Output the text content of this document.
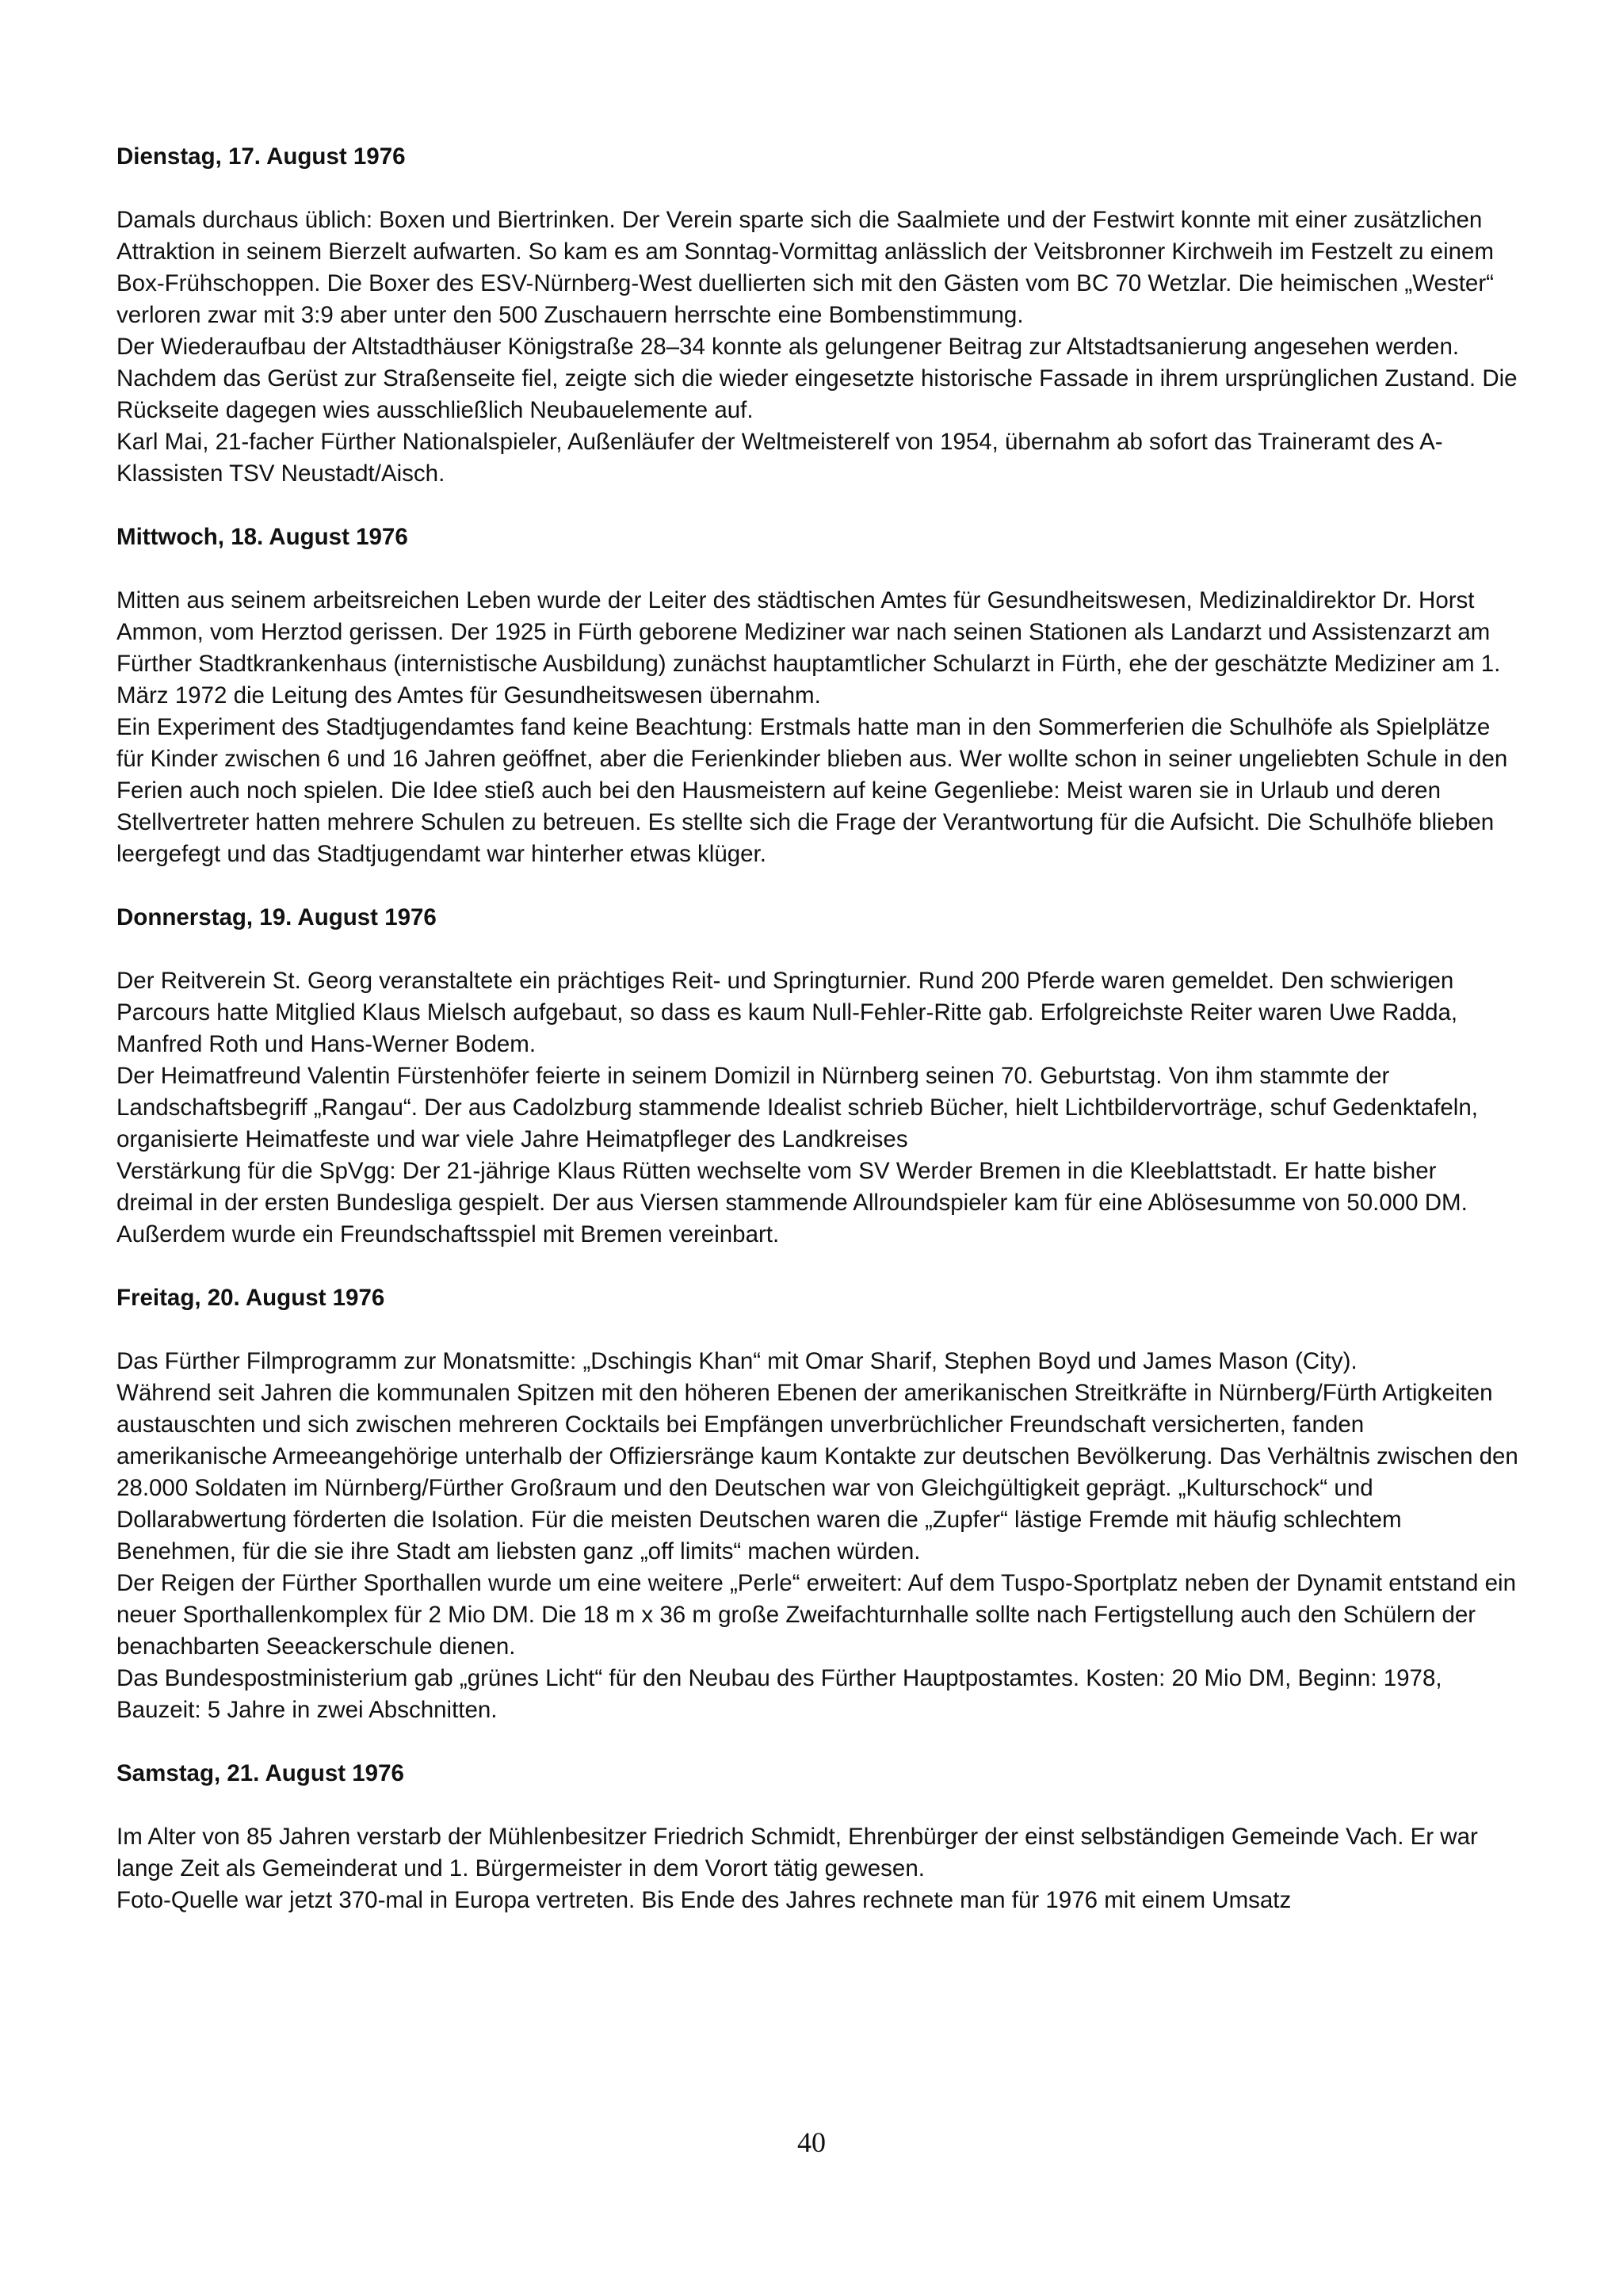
Dienstag, 17. August 1976

Damals durchaus üblich: Boxen und Biertrinken. Der Verein sparte sich die Saalmiete und der Festwirt konnte mit einer zusätzlichen Attraktion in seinem Bierzelt aufwarten. So kam es am Sonntag-Vormittag anlässlich der Veitsbronner Kirchweih im Festzelt zu einem Box-Frühschoppen. Die Boxer des ESV-Nürnberg-West duellierten sich mit den Gästen vom BC 70 Wetzlar. Die heimischen „Wester“ verloren zwar mit 3:9 aber unter den 500 Zuschauern herrschte eine Bombenstimmung.

Der Wiederaufbau der Altstadthäuser Königstraße 28–34 konnte als gelungener Beitrag zur Altstadtsanierung angesehen werden. Nachdem das Gerüst zur Straßenseite fiel, zeigte sich die wieder eingesetzte historische Fassade in ihrem ursprünglichen Zustand. Die Rückseite dagegen wies ausschließlich Neubauelemente auf.

Karl Mai, 21-facher Fürther Nationalspieler, Außenläufer der Weltmeisterelf von 1954, übernahm ab sofort das Traineramt des A-Klassisten TSV Neustadt/Aisch.

Mittwoch, 18. August 1976

Mitten aus seinem arbeitsreichen Leben wurde der Leiter des städtischen Amtes für Gesundheitswesen, Medizinaldirektor Dr. Horst Ammon, vom Herztod gerissen. Der 1925 in Fürth geborene Mediziner war nach seinen Stationen als Landarzt und Assistenzarzt am Fürther Stadtkrankenhaus (internistische Ausbildung) zunächst hauptamtlicher Schularzt in Fürth, ehe der geschätzte Mediziner am 1. März 1972 die Leitung des Amtes für Gesundheitswesen übernahm.

Ein Experiment des Stadtjugendamtes fand keine Beachtung: Erstmals hatte man in den Sommerferien die Schulhöfe als Spielplätze für Kinder zwischen 6 und 16 Jahren geöffnet, aber die Ferienkinder blieben aus. Wer wollte schon in seiner ungeliebten Schule in den Ferien auch noch spielen. Die Idee stieß auch bei den Hausmeistern auf keine Gegenliebe: Meist waren sie in Urlaub und deren Stellvertreter hatten mehrere Schulen zu betreuen. Es stellte sich die Frage der Verantwortung für die Aufsicht. Die Schulhöfe blieben leergefegt und das Stadtjugendamt war hinterher etwas klüger.

Donnerstag, 19. August 1976

Der Reitverein St. Georg veranstaltete ein prächtiges Reit- und Springturnier. Rund 200 Pferde waren gemeldet. Den schwierigen Parcours hatte Mitglied Klaus Mielsch aufgebaut, so dass es kaum Null-Fehler-Ritte gab. Erfolgreichste Reiter waren Uwe Radda, Manfred Roth und Hans-Werner Bodem.

Der Heimatfreund Valentin Fürstenhöfer feierte in seinem Domizil in Nürnberg seinen 70. Geburtstag. Von ihm stammte der Landschaftsbegriff „Rangau“. Der aus Cadolzburg stammende Idealist schrieb Bücher, hielt Lichtbildervorträge, schuf Gedenktafeln, organisierte Heimatfeste und war viele Jahre Heimatpfleger des Landkreises

Verstärkung für die SpVgg: Der 21-jährige Klaus Rütten wechselte vom SV Werder Bremen in die Kleeblattstadt. Er hatte bisher dreimal in der ersten Bundesliga gespielt. Der aus Viersen stammende Allroundspieler kam für eine Ablösesumme von 50.000 DM. Außerdem wurde ein Freundschaftsspiel mit Bremen vereinbart.

Freitag, 20. August 1976

Das Fürther Filmprogramm zur Monatsmitte: „Dschingis Khan“ mit Omar Sharif, Stephen Boyd und James Mason (City).

Während seit Jahren die kommunalen Spitzen mit den höheren Ebenen der amerikanischen Streitkräfte in Nürnberg/Fürth Artigkeiten austauschten und sich zwischen mehreren Cocktails bei Empfängen unverbrüchlicher Freundschaft versicherten, fanden amerikanische Armeeangehörige unterhalb der Offiziersränge kaum Kontakte zur deutschen Bevölkerung. Das Verhältnis zwischen den 28.000 Soldaten im Nürnberg/Fürther Großraum und den Deutschen war von Gleichgültigkeit geprägt. „Kulturschock“ und Dollarabwertung förderten die Isolation. Für die meisten Deutschen waren die „Zupfer“ lästige Fremde mit häufig schlechtem Benehmen, für die sie ihre Stadt am liebsten ganz „off limits“ machen würden.

Der Reigen der Fürther Sporthallen wurde um eine weitere „Perle“ erweitert: Auf dem Tuspo-Sportplatz neben der Dynamit entstand ein neuer Sporthallenkomplex für 2 Mio DM. Die 18 m x 36 m große Zweifachturnhalle sollte nach Fertigstellung auch den Schülern der benachbarten Seeackerschule dienen.

Das Bundespostministerium gab „grünes Licht“ für den Neubau des Fürther Hauptpostamtes. Kosten: 20 Mio DM, Beginn: 1978, Bauzeit: 5 Jahre in zwei Abschnitten.

Samstag, 21. August 1976

Im Alter von 85 Jahren verstarb der Mühlenbesitzer Friedrich Schmidt, Ehrenbürger der einst selbständigen Gemeinde Vach. Er war lange Zeit als Gemeinderat und 1. Bürgermeister in dem Vorort tätig gewesen.

Foto-Quelle war jetzt 370-mal in Europa vertreten. Bis Ende des Jahres rechnete man für 1976 mit einem Umsatz

40
